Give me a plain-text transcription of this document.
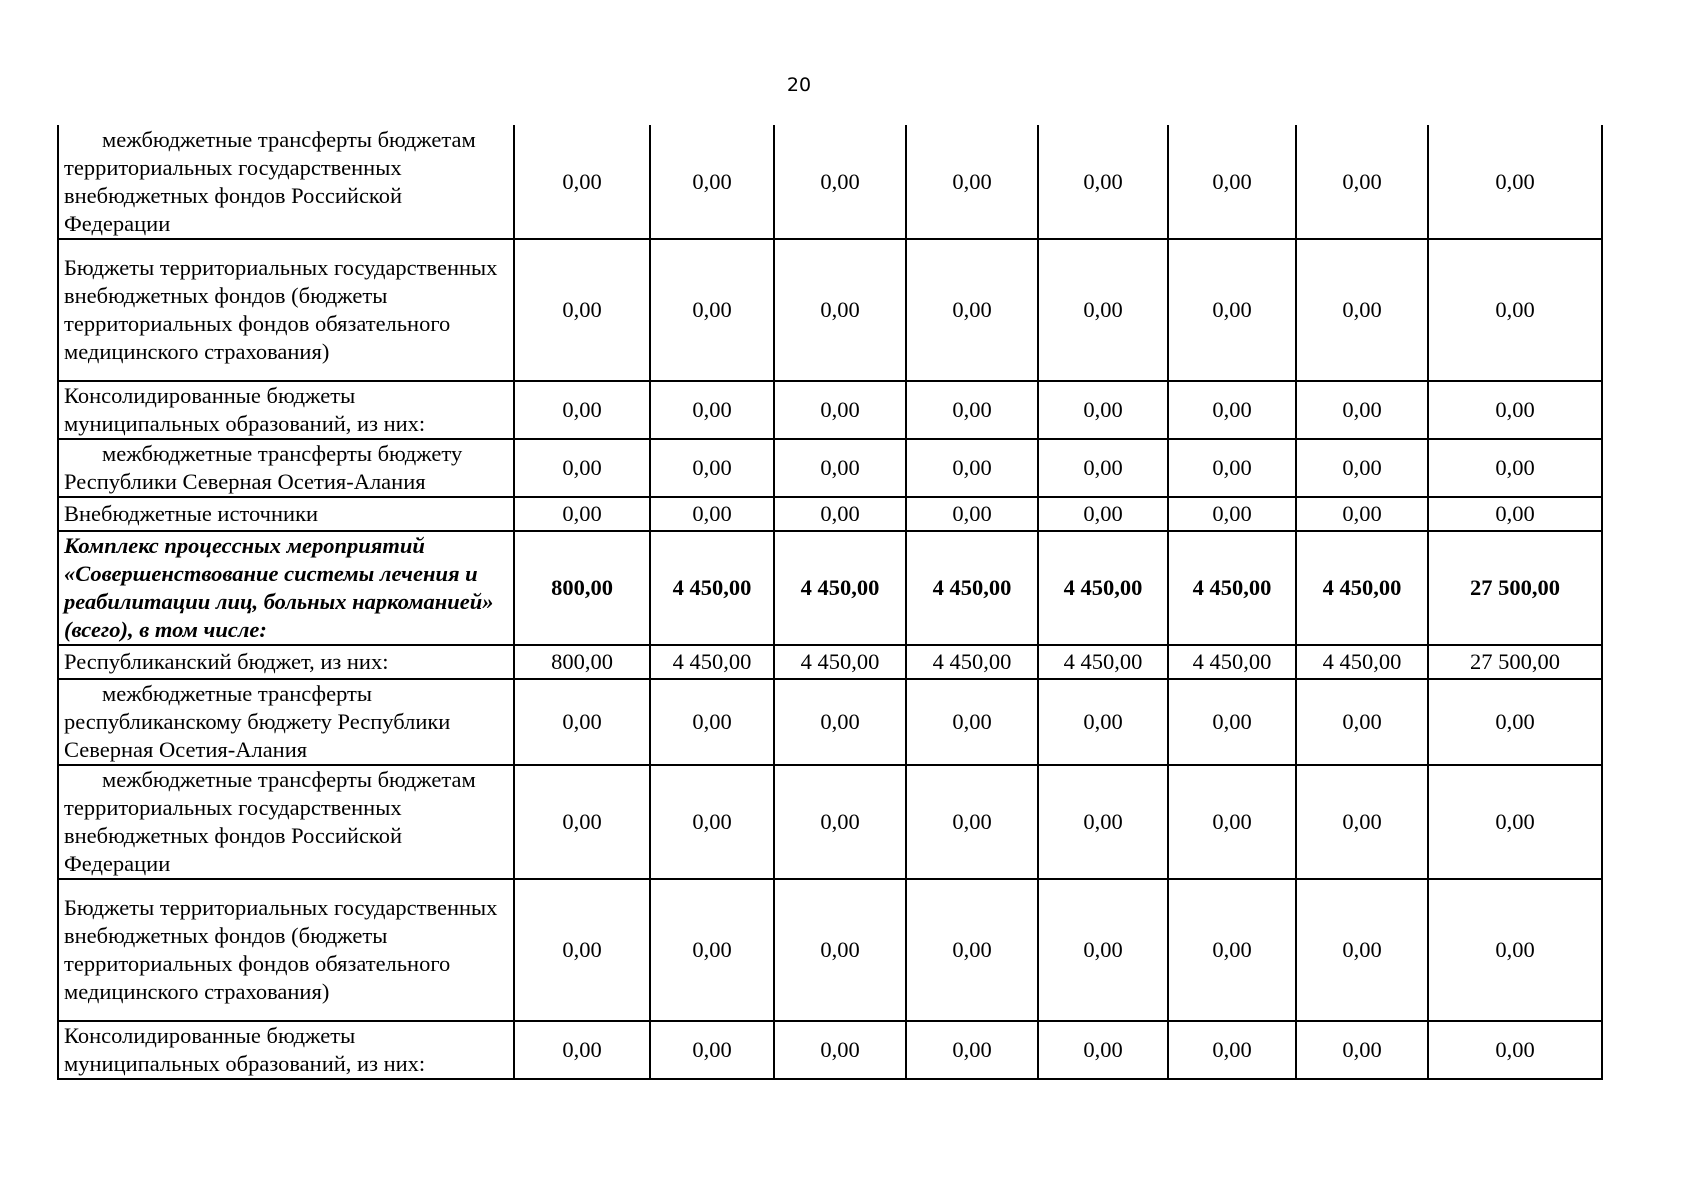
20
межбюджетные трансферты бюджетам территориальных государственных внебюджетных фондов Российской Федерации	0,00	0,00	0,00	0,00	0,00	0,00	0,00	0,00
Бюджеты территориальных государственных внебюджетных фондов (бюджеты территориальных фондов обязательного медицинского страхования)	0,00	0,00	0,00	0,00	0,00	0,00	0,00	0,00
Консолидированные бюджеты муниципальных образований, из них:	0,00	0,00	0,00	0,00	0,00	0,00	0,00	0,00
межбюджетные трансферты бюджету Республики Северная Осетия-Алания	0,00	0,00	0,00	0,00	0,00	0,00	0,00	0,00
Внебюджетные источники	0,00	0,00	0,00	0,00	0,00	0,00	0,00	0,00
Комплекс процессных мероприятий «Совершенствование системы лечения и реабилитации лиц, больных наркоманией» (всего), в том числе:	800,00	4 450,00	4 450,00	4 450,00	4 450,00	4 450,00	4 450,00	27 500,00
Республиканский бюджет, из них:	800,00	4 450,00	4 450,00	4 450,00	4 450,00	4 450,00	4 450,00	27 500,00
межбюджетные трансферты республиканскому бюджету Республики Северная Осетия-Алания	0,00	0,00	0,00	0,00	0,00	0,00	0,00	0,00
межбюджетные трансферты бюджетам территориальных государственных внебюджетных фондов Российской Федерации	0,00	0,00	0,00	0,00	0,00	0,00	0,00	0,00
Бюджеты территориальных государственных внебюджетных фондов (бюджеты территориальных фондов обязательного медицинского страхования)	0,00	0,00	0,00	0,00	0,00	0,00	0,00	0,00
Консолидированные бюджеты муниципальных образований, из них:	0,00	0,00	0,00	0,00	0,00	0,00	0,00	0,00
